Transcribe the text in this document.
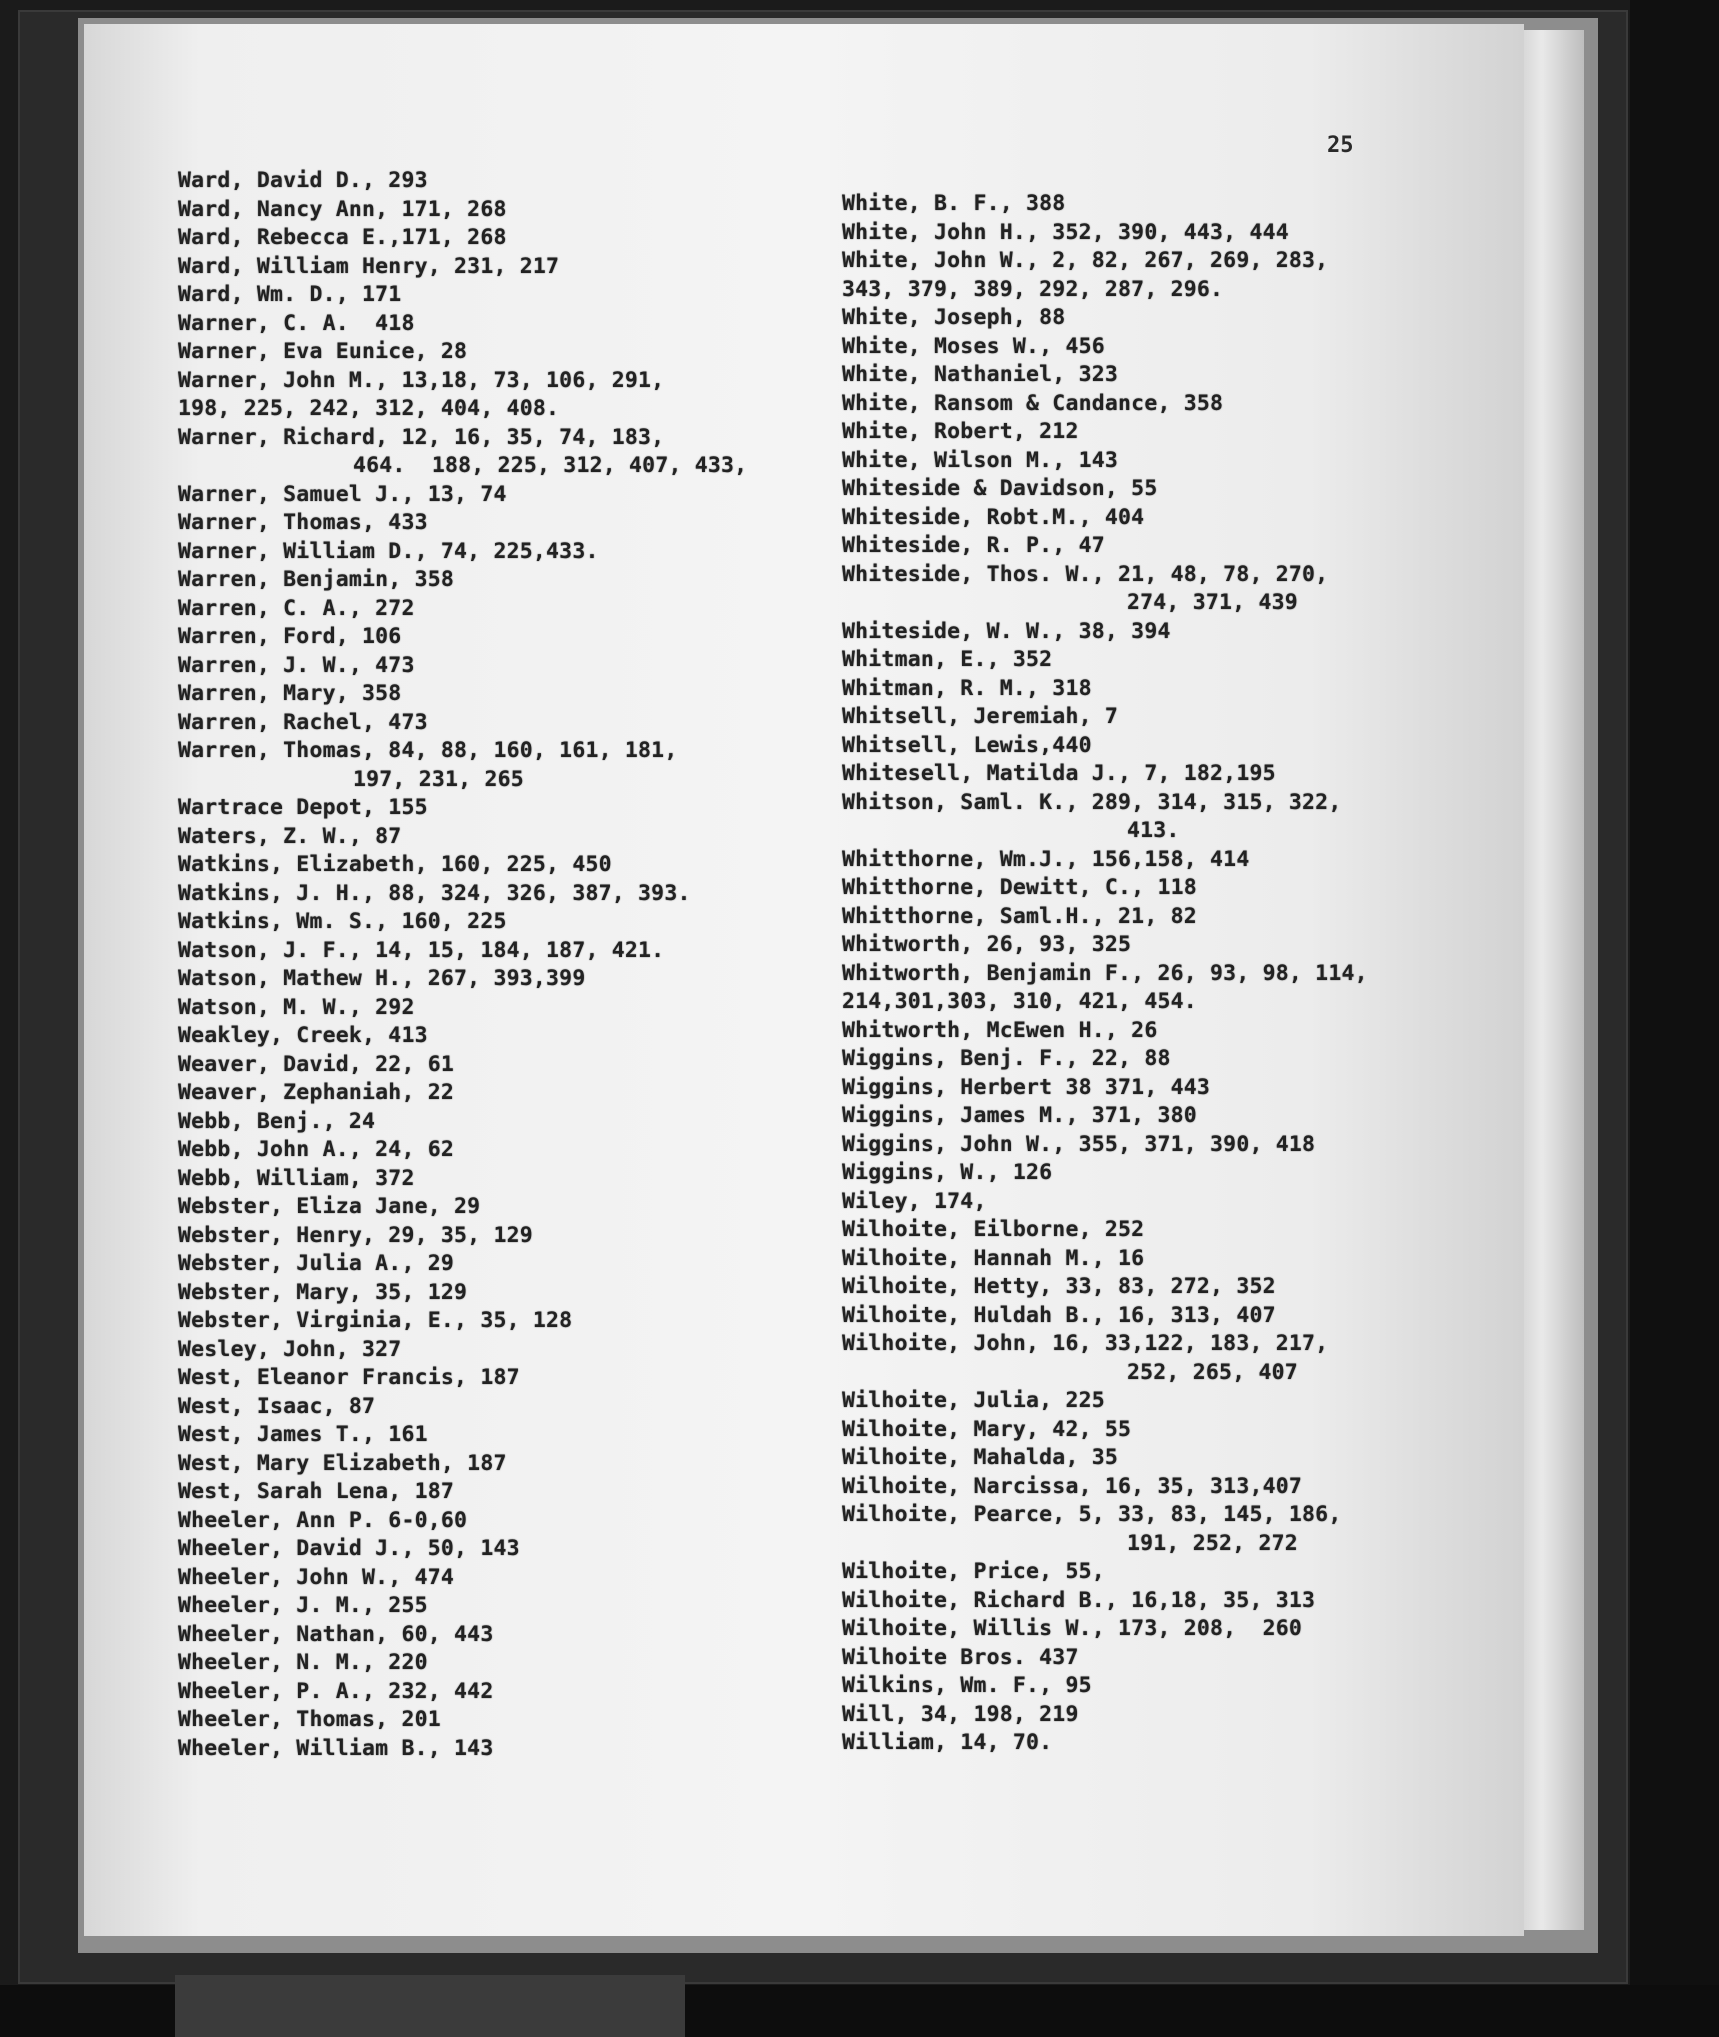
25
Ward, David D., 293
Ward, Nancy Ann, 171, 268
Ward, Rebecca E.,171, 268
Ward, William Henry, 231, 217
Ward, Wm. D., 171
Warner, C. A.  418
Warner, Eva Eunice, 28
Warner, John M., 13,18, 73, 106, 291,
198, 225, 242, 312, 404, 408.
Warner, Richard, 12, 16, 35, 74, 183,
464.  188, 225, 312, 407, 433,
Warner, Samuel J., 13, 74
Warner, Thomas, 433
Warner, William D., 74, 225,433.
Warren, Benjamin, 358
Warren, C. A., 272
Warren, Ford, 106
Warren, J. W., 473
Warren, Mary, 358
Warren, Rachel, 473
Warren, Thomas, 84, 88, 160, 161, 181,
197, 231, 265
Wartrace Depot, 155
Waters, Z. W., 87
Watkins, Elizabeth, 160, 225, 450
Watkins, J. H., 88, 324, 326, 387, 393.
Watkins, Wm. S., 160, 225
Watson, J. F., 14, 15, 184, 187, 421.
Watson, Mathew H., 267, 393,399
Watson, M. W., 292
Weakley, Creek, 413
Weaver, David, 22, 61
Weaver, Zephaniah, 22
Webb, Benj., 24
Webb, John A., 24, 62
Webb, William, 372
Webster, Eliza Jane, 29
Webster, Henry, 29, 35, 129
Webster, Julia A., 29
Webster, Mary, 35, 129
Webster, Virginia, E., 35, 128
Wesley, John, 327
West, Eleanor Francis, 187
West, Isaac, 87
West, James T., 161
West, Mary Elizabeth, 187
West, Sarah Lena, 187
Wheeler, Ann P. 6-0,60
Wheeler, David J., 50, 143
Wheeler, John W., 474
Wheeler, J. M., 255
Wheeler, Nathan, 60, 443
Wheeler, N. M., 220
Wheeler, P. A., 232, 442
Wheeler, Thomas, 201
Wheeler, William B., 143
White, B. F., 388
White, John H., 352, 390, 443, 444
White, John W., 2, 82, 267, 269, 283,
343, 379, 389, 292, 287, 296.
White, Joseph, 88
White, Moses W., 456
White, Nathaniel, 323
White, Ransom & Candance, 358
White, Robert, 212
White, Wilson M., 143
Whiteside & Davidson, 55
Whiteside, Robt.M., 404
Whiteside, R. P., 47
Whiteside, Thos. W., 21, 48, 78, 270,
274, 371, 439
Whiteside, W. W., 38, 394
Whitman, E., 352
Whitman, R. M., 318
Whitsell, Jeremiah, 7
Whitsell, Lewis,440
Whitesell, Matilda J., 7, 182,195
Whitson, Saml. K., 289, 314, 315, 322,
413.
Whitthorne, Wm.J., 156,158, 414
Whitthorne, Dewitt, C., 118
Whitthorne, Saml.H., 21, 82
Whitworth, 26, 93, 325
Whitworth, Benjamin F., 26, 93, 98, 114,
214,301,303, 310, 421, 454.
Whitworth, McEwen H., 26
Wiggins, Benj. F., 22, 88
Wiggins, Herbert 38 371, 443
Wiggins, James M., 371, 380
Wiggins, John W., 355, 371, 390, 418
Wiggins, W., 126
Wiley, 174,
Wilhoite, Eilborne, 252
Wilhoite, Hannah M., 16
Wilhoite, Hetty, 33, 83, 272, 352
Wilhoite, Huldah B., 16, 313, 407
Wilhoite, John, 16, 33,122, 183, 217,
252, 265, 407
Wilhoite, Julia, 225
Wilhoite, Mary, 42, 55
Wilhoite, Mahalda, 35
Wilhoite, Narcissa, 16, 35, 313,407
Wilhoite, Pearce, 5, 33, 83, 145, 186,
191, 252, 272
Wilhoite, Price, 55,
Wilhoite, Richard B., 16,18, 35, 313
Wilhoite, Willis W., 173, 208,  260
Wilhoite Bros. 437
Wilkins, Wm. F., 95
Will, 34, 198, 219
William, 14, 70.
